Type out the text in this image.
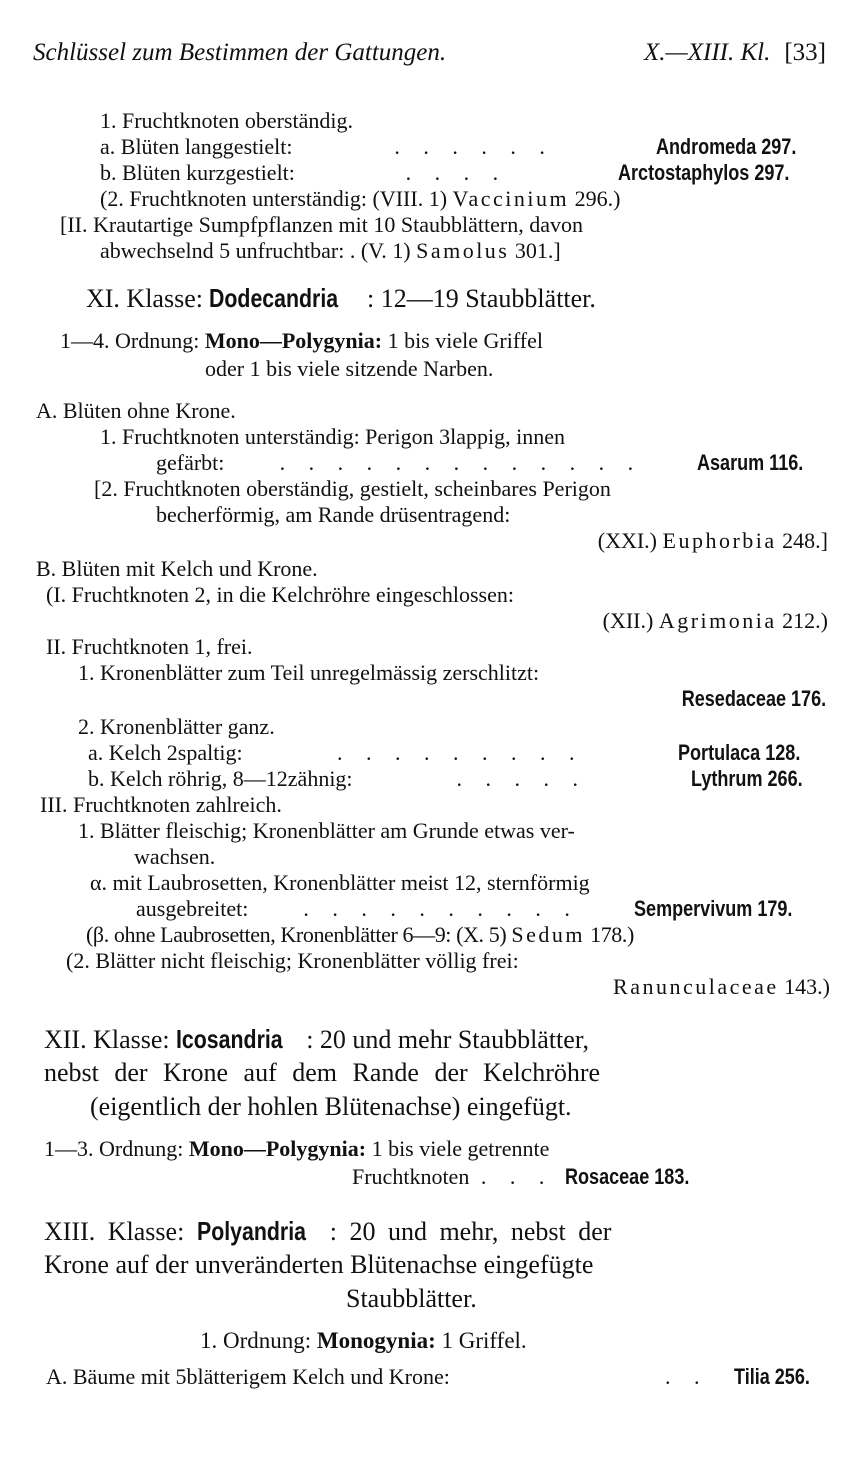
Schlüssel zum Bestimmen der Gattungen.	X.—XIII. Kl. [33]
1. Fruchtknoten oberständig.
a. Blüten langgestielt:	. . . . . .	Andromeda 297.
b. Blüten kurzgestielt:	. . . .	Arctostaphylos 297.
(2. Fruchtknoten unterständig: (VIII. 1) Vaccinium 296.)
[II. Krautartige Sumpfpflanzen mit 10 Staubblättern, davon
abwechselnd 5 unfruchtbar: . (V. 1) Samolus 301.]
XI. Klasse: Dodecandria : 12—19 Staubblätter.
1—4. Ordnung: Mono—Polygynia: 1 bis viele Griffel
oder 1 bis viele sitzende Narben.
A. Blüten ohne Krone.
1. Fruchtknoten unterständig: Perigon 3lappig, innen
gefärbt:	. . . . . . . . . . . . .	Asarum 116.
[2. Fruchtknoten oberständig, gestielt, scheinbares Perigon
becherförmig, am Rande drüsentragend:
(XXI.) Euphorbia 248.]
B. Blüten mit Kelch und Krone.
(I. Fruchtknoten 2, in die Kelchröhre eingeschlossen:
(XII.) Agrimonia 212.)
II. Fruchtknoten 1, frei.
1. Kronenblätter zum Teil unregelmässig zerschlitzt:
Resedaceae 176.
2. Kronenblätter ganz.
a. Kelch 2spaltig:	. . . . . . . . .	Portulaca 128.
b. Kelch röhrig, 8—12zähnig:	. . . . .	Lythrum 266.
III. Fruchtknoten zahlreich.
1. Blätter fleischig; Kronenblätter am Grunde etwas ver-
wachsen.
α. mit Laubrosetten, Kronenblätter meist 12, sternförmig
ausgebreitet: . . . . . . . . . . Sempervivum 179.
(β. ohne Laubrosetten, Kronenblätter 6—9: (X. 5) Sedum 178.)
(2. Blätter nicht fleischig; Kronenblätter völlig frei:
Ranunculaceae 143.)
XII. Klasse: Icosandria : 20 und mehr Staubblätter,
nebst der Krone auf dem Rande der Kelchröhre
(eigentlich der hohlen Blütenachse) eingefügt.
1—3. Ordnung: Mono—Polygynia: 1 bis viele getrennte
Fruchtknoten . . . Rosaceae 183.
XIII. Klasse: Polyandria : 20 und mehr, nebst der
Krone auf der unveränderten Blütenachse eingefügte
Staubblätter.
1. Ordnung: Monogynia: 1 Griffel.
A. Bäume mit 5blätterigem Kelch und Krone:	. . Tilia 256.
